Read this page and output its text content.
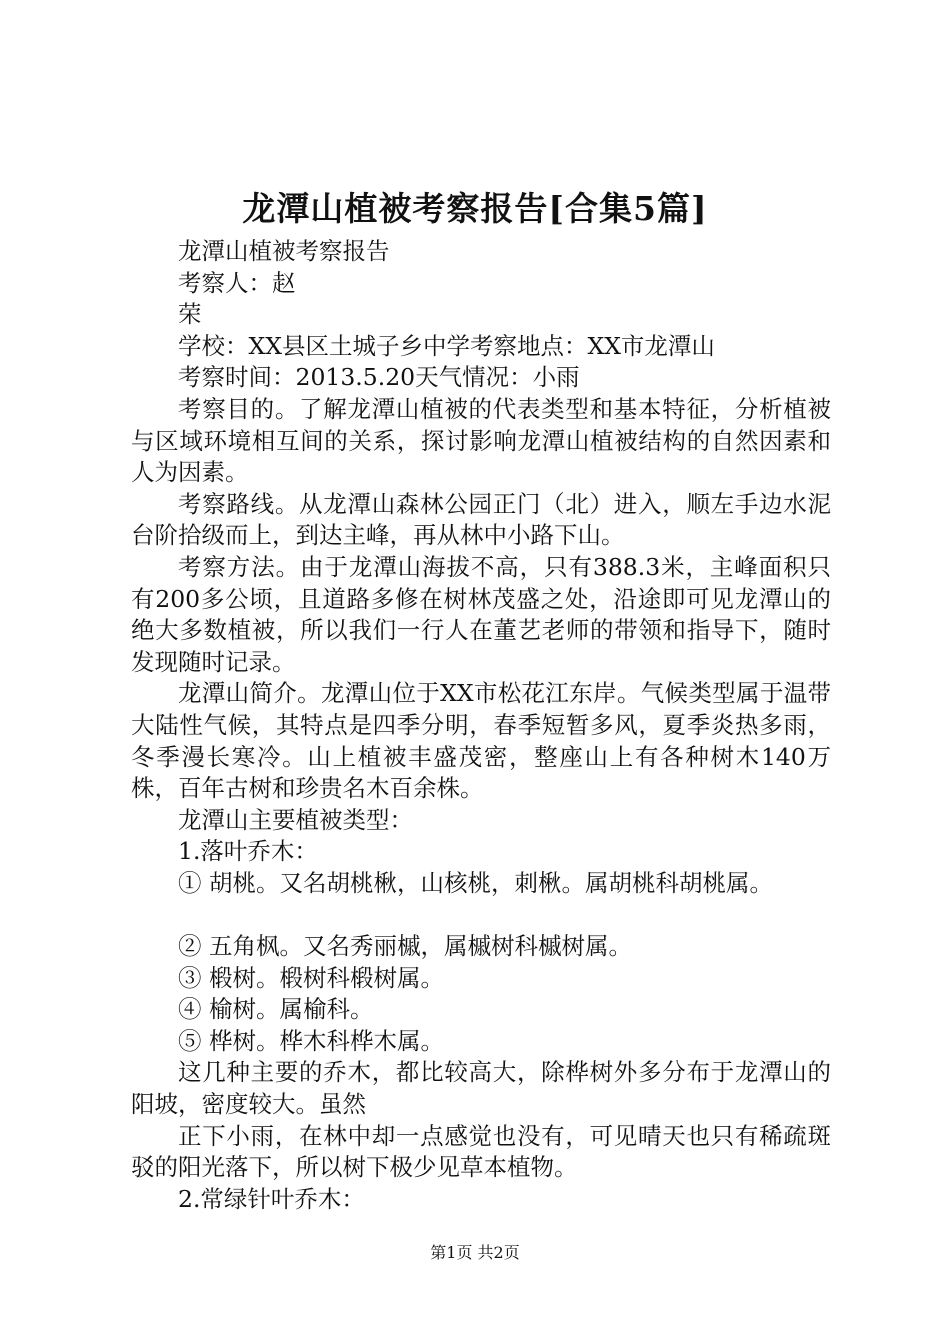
龙潭山植被考察报告[合集5篇]

龙潭山植被考察报告

考察人：赵

荣

学校：XX县区土城子乡中学考察地点：XX市龙潭山

考察时间：2013.5.20天气情况：小雨

考察目的。了解龙潭山植被的代表类型和基本特征，分析植被与区域环境相互间的关系，探讨影响龙潭山植被结构的自然因素和人为因素。

考察路线。从龙潭山森林公园正门（北）进入，顺左手边水泥台阶拾级而上，到达主峰，再从林中小路下山。

考察方法。由于龙潭山海拔不高，只有388.3米，主峰面积只有200多公顷，且道路多修在树林茂盛之处，沿途即可见龙潭山的绝大多数植被，所以我们一行人在董艺老师的带领和指导下，随时发现随时记录。

龙潭山简介。龙潭山位于XX市松花江东岸。气候类型属于温带大陆性气候，其特点是四季分明，春季短暂多风，夏季炎热多雨，冬季漫长寒冷。山上植被丰盛茂密，整座山上有各种树木140万株，百年古树和珍贵名木百余株。

龙潭山主要植被类型：

1.落叶乔木：

① 胡桃。又名胡桃楸，山核桃，刺楸。属胡桃科胡桃属。

② 五角枫。又名秀丽槭，属槭树科槭树属。

③ 椴树。椴树科椴树属。

④ 榆树。属榆科。

⑤ 桦树。桦木科桦木属。

这几种主要的乔木，都比较高大，除桦树外多分布于龙潭山的阳坡，密度较大。虽然

正下小雨，在林中却一点感觉也没有，可见晴天也只有稀疏斑驳的阳光落下，所以树下极少见草本植物。

2.常绿针叶乔木：

第1页 共2页
